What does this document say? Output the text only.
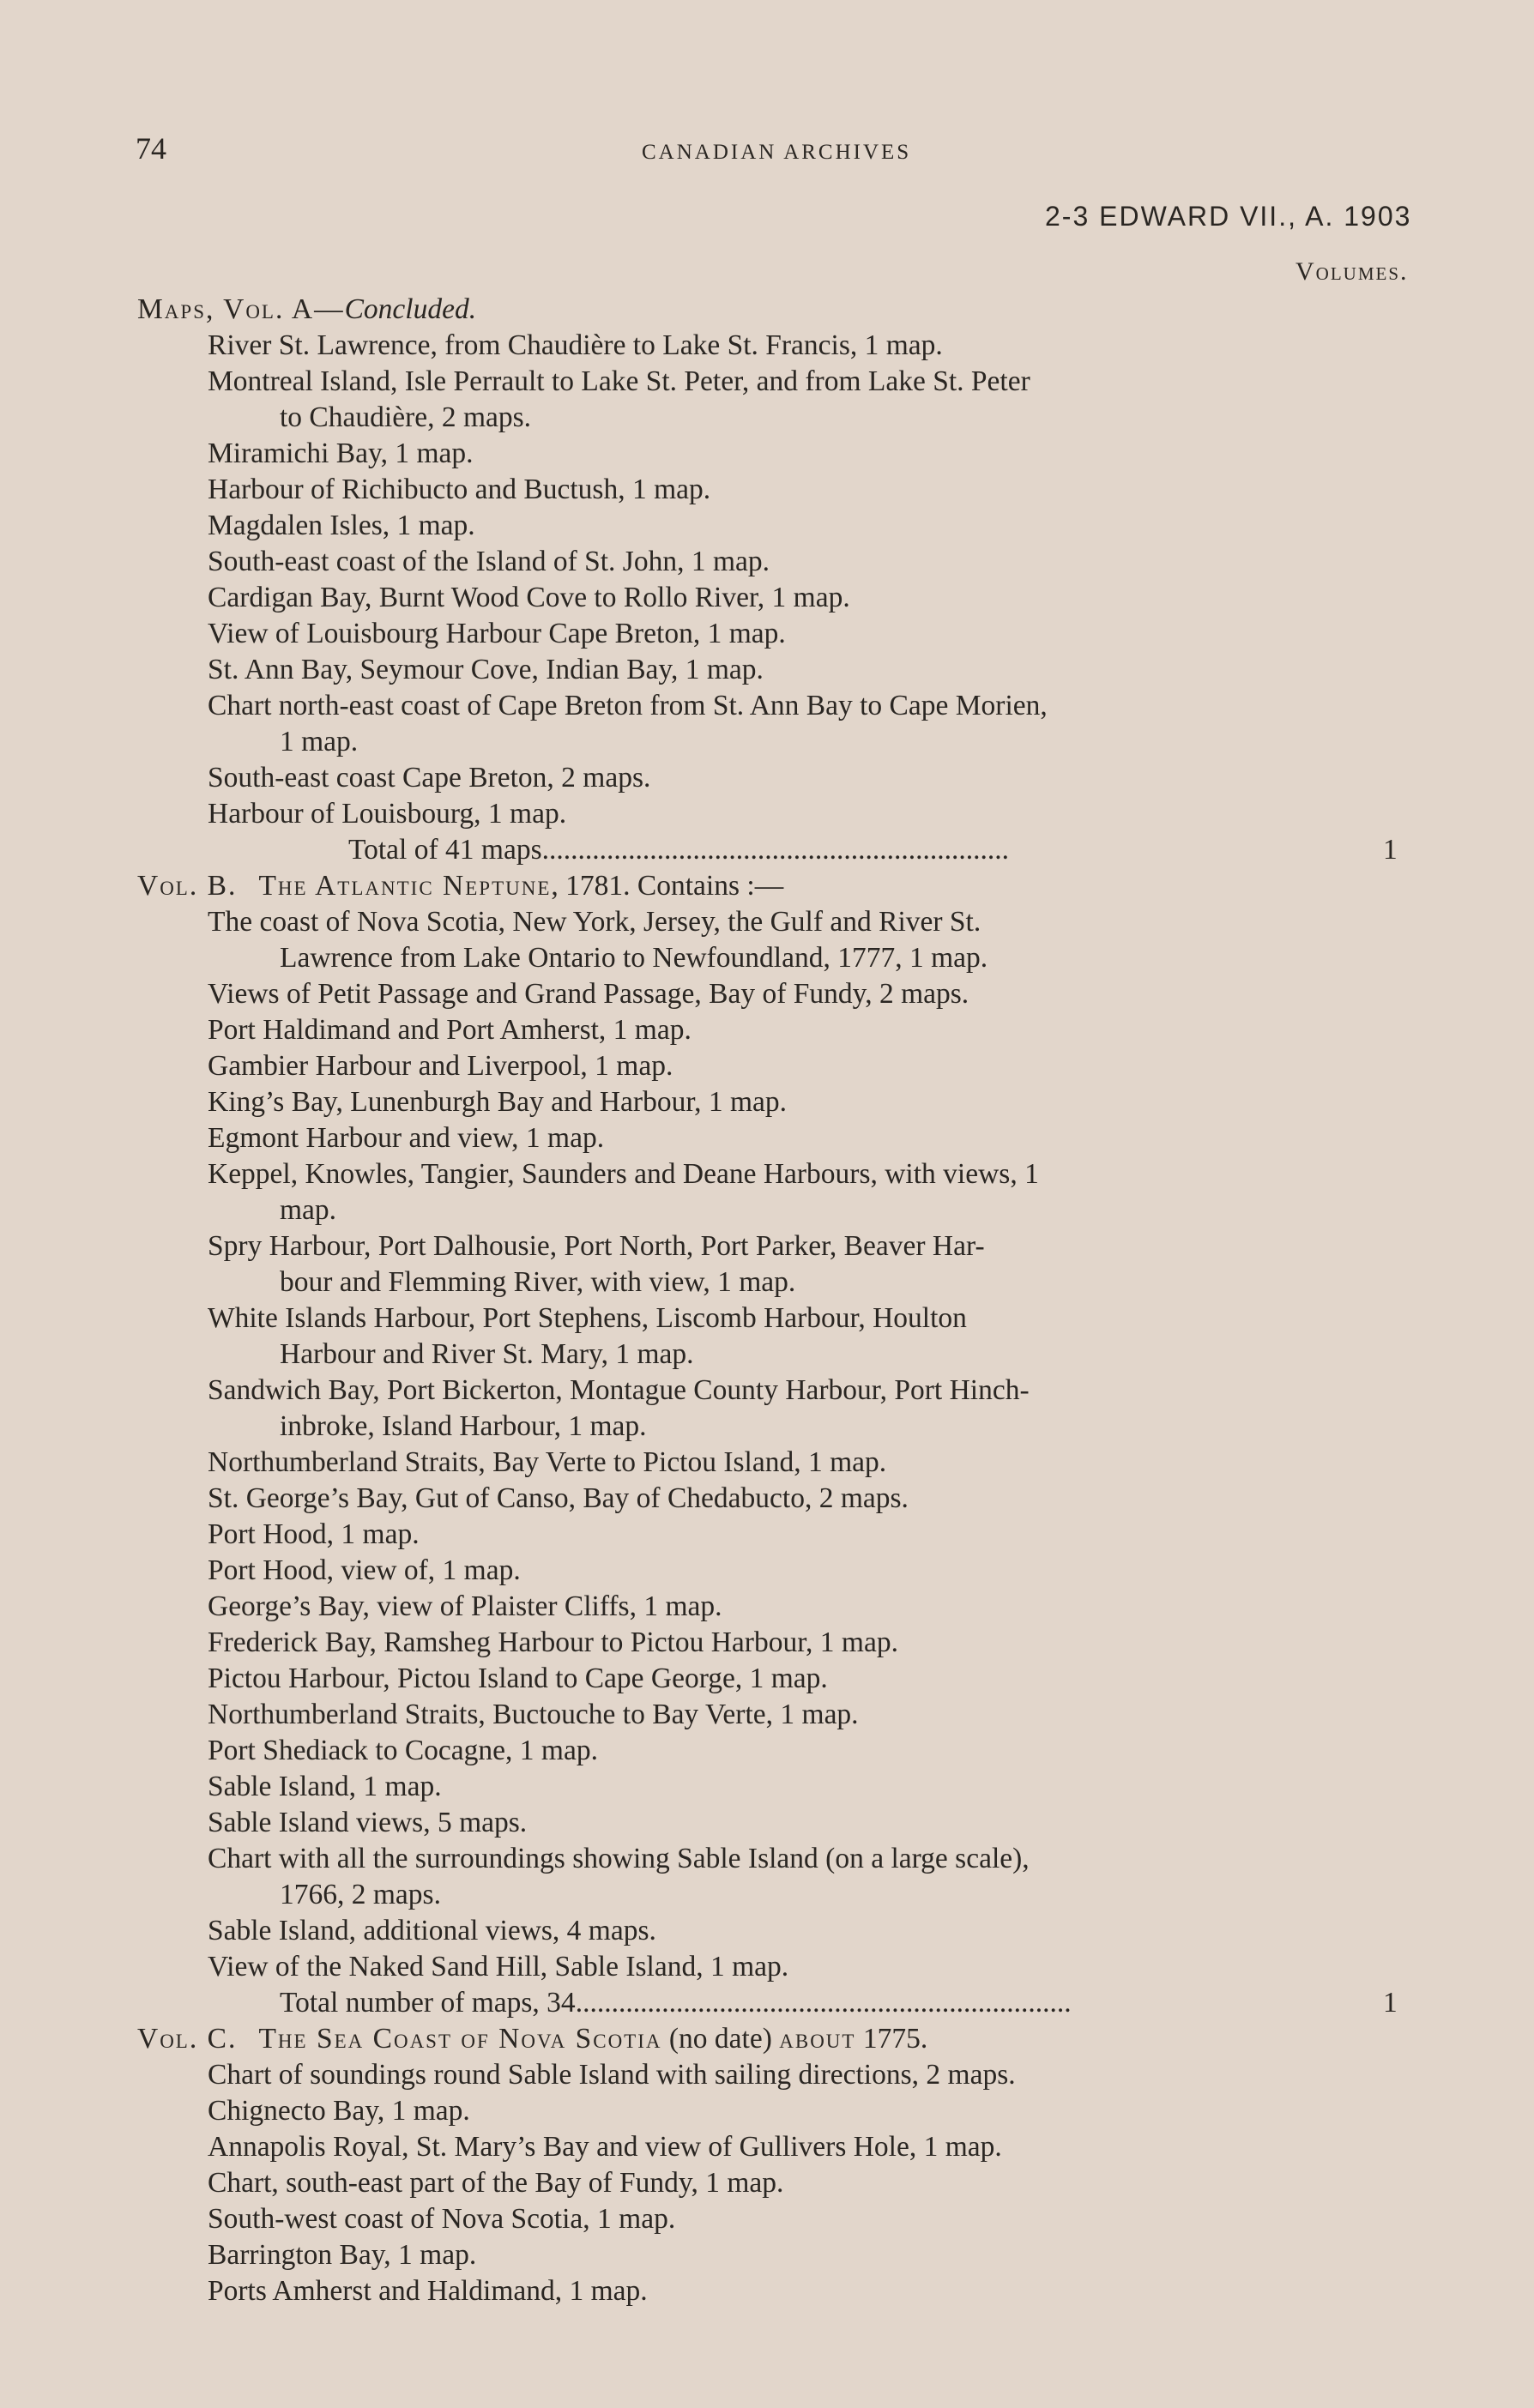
74	CANADIAN ARCHIVES
2-3 EDWARD VII., A. 1903
Volumes.
Maps, Vol. A—Concluded.
River St. Lawrence, from Chaudière to Lake St. Francis, 1 map.
Montreal Island, Isle Perrault to Lake St. Peter, and from Lake St. Peter
to Chaudière, 2 maps.
Miramichi Bay, 1 map.
Harbour of Richibucto and Buctush, 1 map.
Magdalen Isles, 1 map.
South-east coast of the Island of St. John, 1 map.
Cardigan Bay, Burnt Wood Cove to Rollo River, 1 map.
View of Louisbourg Harbour Cape Breton, 1 map.
St. Ann Bay, Seymour Cove, Indian Bay, 1 map.
Chart north-east coast of Cape Breton from St. Ann Bay to Cape Morien,
1 map.
South-east coast Cape Breton, 2 maps.
Harbour of Louisbourg, 1 map.
Total of 41 maps.................................................................	1
Vol. B. The Atlantic Neptune, 1781. Contains :—
The coast of Nova Scotia, New York, Jersey, the Gulf and River St.
Lawrence from Lake Ontario to Newfoundland, 1777, 1 map.
Views of Petit Passage and Grand Passage, Bay of Fundy, 2 maps.
Port Haldimand and Port Amherst, 1 map.
Gambier Harbour and Liverpool, 1 map.
King’s Bay, Lunenburgh Bay and Harbour, 1 map.
Egmont Harbour and view, 1 map.
Keppel, Knowles, Tangier, Saunders and Deane Harbours, with views, 1
map.
Spry Harbour, Port Dalhousie, Port North, Port Parker, Beaver Har-
bour and Flemming River, with view, 1 map.
White Islands Harbour, Port Stephens, Liscomb Harbour, Houlton
Harbour and River St. Mary, 1 map.
Sandwich Bay, Port Bickerton, Montague County Harbour, Port Hinch-
inbroke, Island Harbour, 1 map.
Northumberland Straits, Bay Verte to Pictou Island, 1 map.
St. George’s Bay, Gut of Canso, Bay of Chedabucto, 2 maps.
Port Hood, 1 map.
Port Hood, view of, 1 map.
George’s Bay, view of Plaister Cliffs, 1 map.
Frederick Bay, Ramsheg Harbour to Pictou Harbour, 1 map.
Pictou Harbour, Pictou Island to Cape George, 1 map.
Northumberland Straits, Buctouche to Bay Verte, 1 map.
Port Shediack to Cocagne, 1 map.
Sable Island, 1 map.
Sable Island views, 5 maps.
Chart with all the surroundings showing Sable Island (on a large scale),
1766, 2 maps.
Sable Island, additional views, 4 maps.
View of the Naked Sand Hill, Sable Island, 1 map.
Total number of maps, 34.....................................................................	1
Vol. C. The Sea Coast of Nova Scotia (no date) about 1775.
Chart of soundings round Sable Island with sailing directions, 2 maps.
Chignecto Bay, 1 map.
Annapolis Royal, St. Mary’s Bay and view of Gullivers Hole, 1 map.
Chart, south-east part of the Bay of Fundy, 1 map.
South-west coast of Nova Scotia, 1 map.
Barrington Bay, 1 map.
Ports Amherst and Haldimand, 1 map.
